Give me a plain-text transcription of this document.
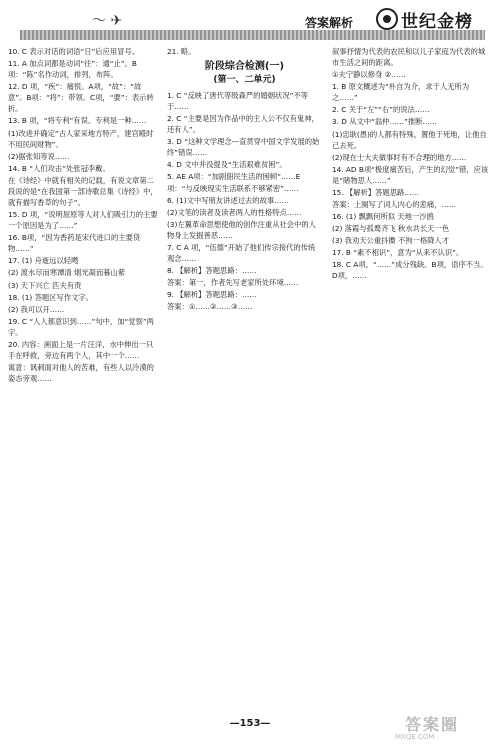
〜 ✈	答案解析	世纪金榜

10. C 表示对话的词语“日”后应用冒号。

11. A 加点词都是动词“往”：通“止”。B项：“陈”名作动词，排列，布阵。

12. D 项，“疾”：痛恨。A项，“故”：“故意”。B项：“将”：带领。C项，“要”：表示转折。

13. B 项，“将专利”有误。专利是一种……

(1)改进并确定“古人家采地方特产，建宫殿时不用民间财物”。

(2)据张知等说……

14. B “人们攻击”处张冠李戴。

在《诗经》中就有相关的记载，有说文章第二段说的是“在我国第一部诗歌总集《诗经》中，就有描写香草的句子”。

15. D 项，“说明屈原等人对人们吸引力的主要一个原因是为了……”

16. B项，“因为香药是宋代进口的主要货物……”

17. (1) 舟逝远以轻飏

(2) 渡水尽而寒潭清 烟光凝而暮山紫

(3) 天下兴亡 匹夫有责

18. (1) 答题区写作文字。

(2) 我可以开……

19. C “人人都意识到……”句中，加“觉察”两字。

20. 内容：画面上是一片汪洋，水中伸出一只手在呼救，旁边有两个人，其中一个……

寓意：讽刺面对他人的苦难，有些人以冷漠的姿态旁观……

21. 略。

阶段综合检测(一)
(第一、二单元)

1. C “反映了唐代等级森严的婚姻状况”不等于……

2. C “主要是因为作品中的主人公不仅有鬼神，还有人”。

3. D “这种文学理念—直贯穿中国文学发展的始终”错误……

4. D 文中并没提及“生活艰难贫困”。

5. AE A项：“加剧佃民生活的困顿”……E项：“与反映现实生活联系不够紧密”……

6. (1)文中写朋友讲述过去的故事……

(2)文笔的读者及读者两人的性格特点……

(3)左翼革命思想使他的创作注重从社会中的人物身上发掘善恶……

7. C A 项，“伍德”开始了他们传宗接代的传统观念……

8. 【解析】答题思路：……

答案：第一，作者先写老家所处环境……

9. 【解析】答题思路：……

答案：①……②……③……

叙事抒情为代表的农民和以儿子家庭为代表的城市生活之间的距离。

①夫宁静以修身 ②……

1. B 原文概述为“朴自为介，求于人无所为之……”

2. C 关于“左”“右”的说法……

3. D 从文中“翁仲……”推断……

(1)忠耿(愚)的人都有特殊，置他于死地，让他自己去死。

(2)现在士大夫做事时有不合理的地方……

14. AD B项“极度痛苦后，产生的幻觉”错，应该是“睹物思人……”

15. 【解析】答题思路……

答案：上阕写了词人内心的悲痛，……

16. (1) 飘飘何所似 天地一沙鸥

(2) 落霞与孤鹜齐飞 秋水共长天一色

(3) 我劝天公重抖擞 不拘一格降人才

17. B “素不相识”，意为“从来不认识”。

18. C A项，“……”成分残缺。B项，语序不当。D项，……

—153—	答案圈
MXQE.COM
